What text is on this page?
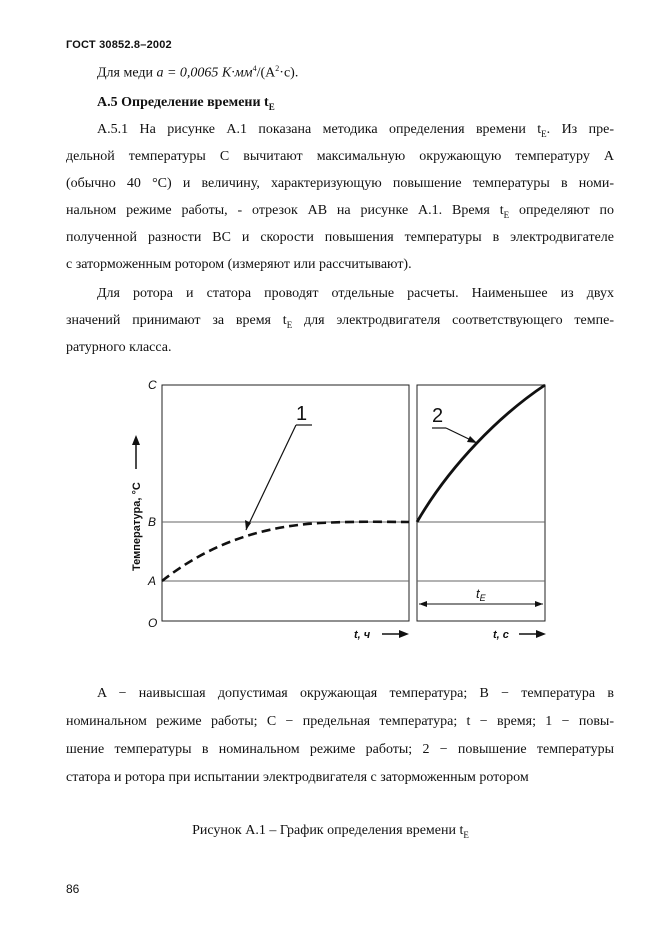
ГОСТ 30852.8–2002
Для меди a = 0,0065 $К\cdot мм^4/(А^2\cdot с)$.
А.5 Определение времени $t_E$
А.5.1 На рисунке А.1 показана методика определения времени $t_E$. Из пре-
дельной температуры С вычитают максимальную окружающую температуру А
(обычно 40 °С) и величину, характеризующую повышение температуры в номи-
нальном режиме работы, - отрезок АВ на рисунке А.1. Время $t_E$ определяют по
полученной разности ВС и скорости повышения температуры в электродвигателе
с заторможенным ротором (измеряют или рассчитывают).
Для ротора и статора проводят отдельные расчеты. Наименьшее из двух
значений принимают за время $t_E$ для электродвигателя соответствующего темпе-
ратурного класса.
1	2
$t_E$
C
B
A
O
Температура, °С
t, ч	t, с
A − наивысшая допустимая окружающая температура; B − температура в
номинальном режиме работы; C − предельная температура; t − время; 1 − повы-
шение температуры в номинальном режиме работы; 2 − повышение температуры
статора и ротора при испытании электродвигателя с заторможенным ротором
Рисунок А.1 – График определения времени $t_E$
86
